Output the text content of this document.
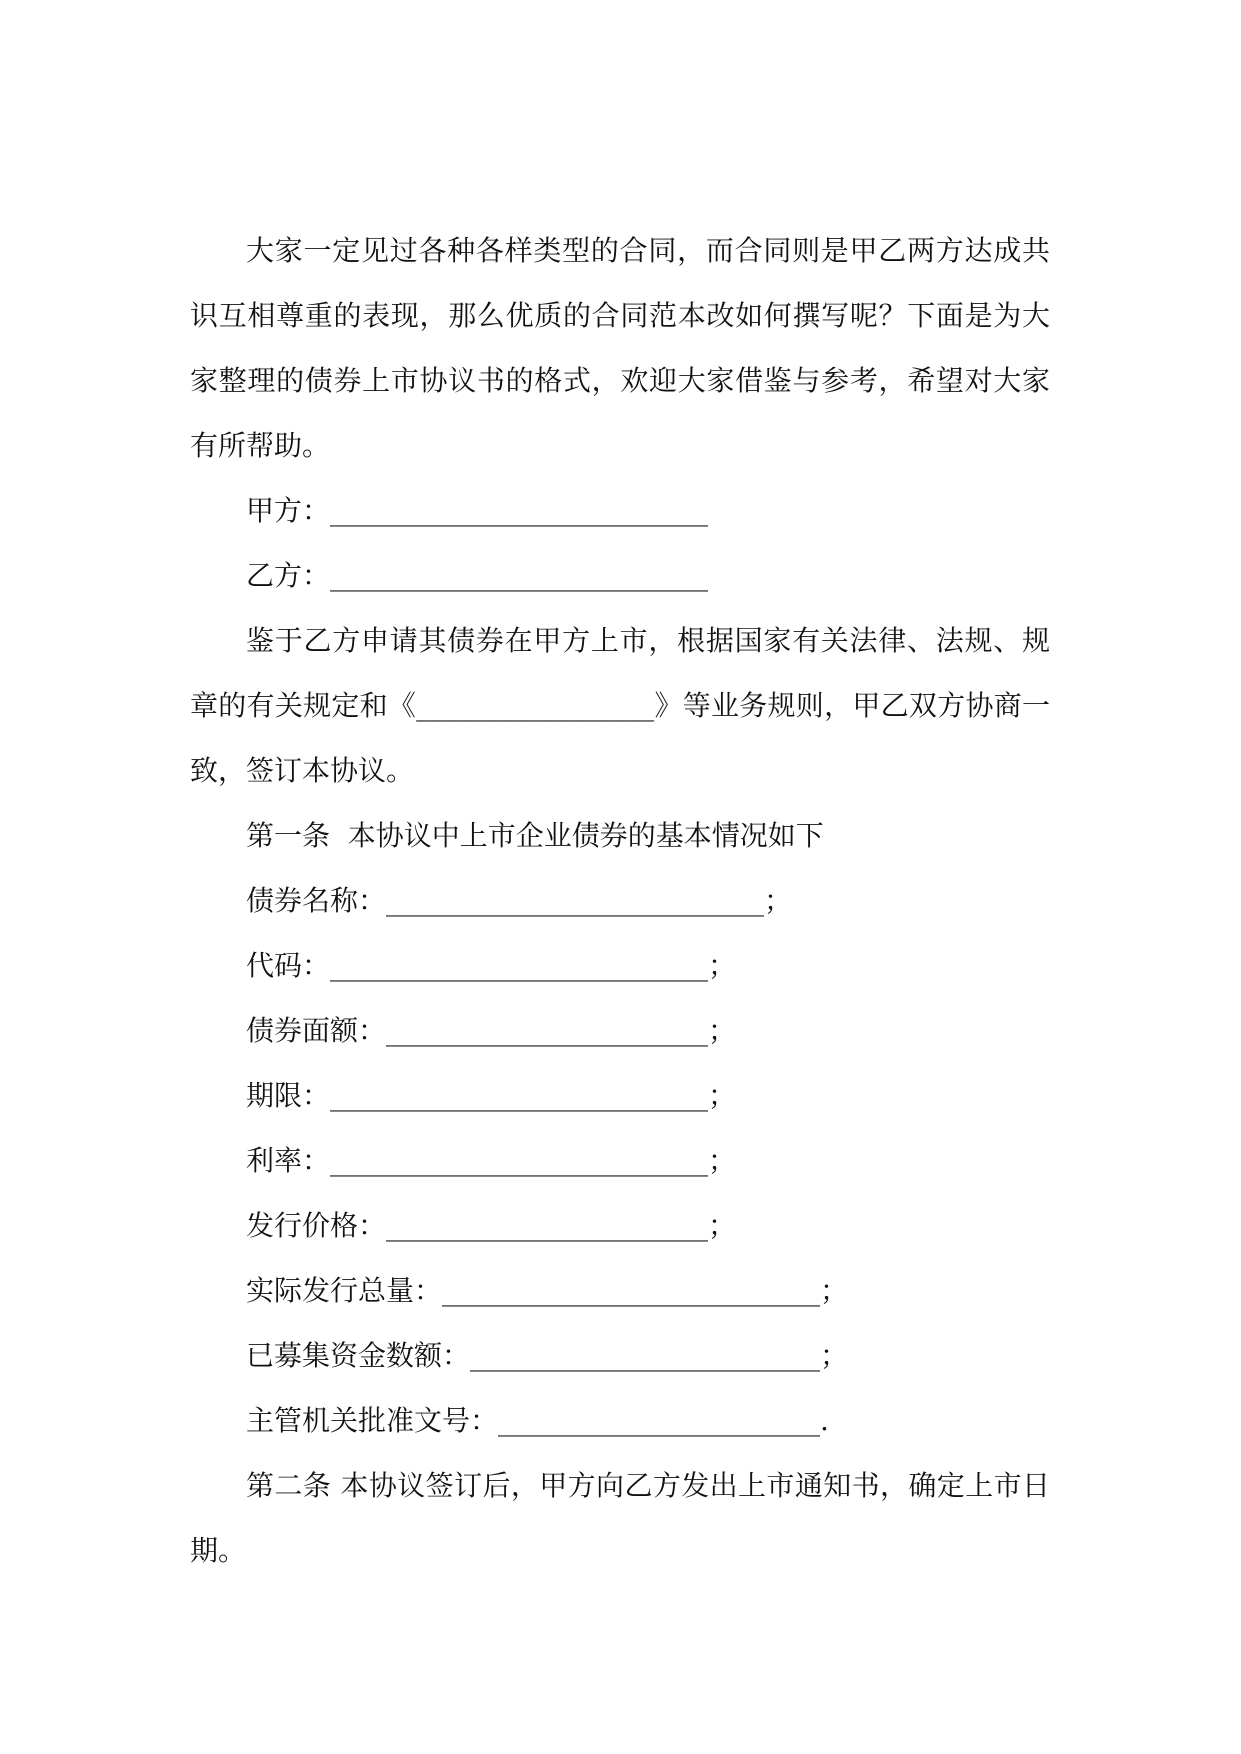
大家一定见过各种各样类型的合同，而合同则是甲乙两方达成共识互相尊重的表现，那么优质的合同范本改如何撰写呢？下面是为大家整理的债券上市协议书的格式，欢迎大家借鉴与参考，希望对大家有所帮助。

甲方：___________________________

乙方：___________________________

鉴于乙方申请其债券在甲方上市，根据国家有关法律、法规、规章的有关规定和《_________________》等业务规则，甲乙双方协商一致，签订本协议。

第一条  本协议中上市企业债券的基本情况如下

债券名称：___________________________；

代码：___________________________；

债券面额：_______________________；

期限：___________________________；

利率：___________________________；

发行价格：_______________________；

实际发行总量：___________________________；

已募集资金数额：_________________________；

主管机关批准文号：_______________________.

第二条 本协议签订后，甲方向乙方发出上市通知书，确定上市日期。
